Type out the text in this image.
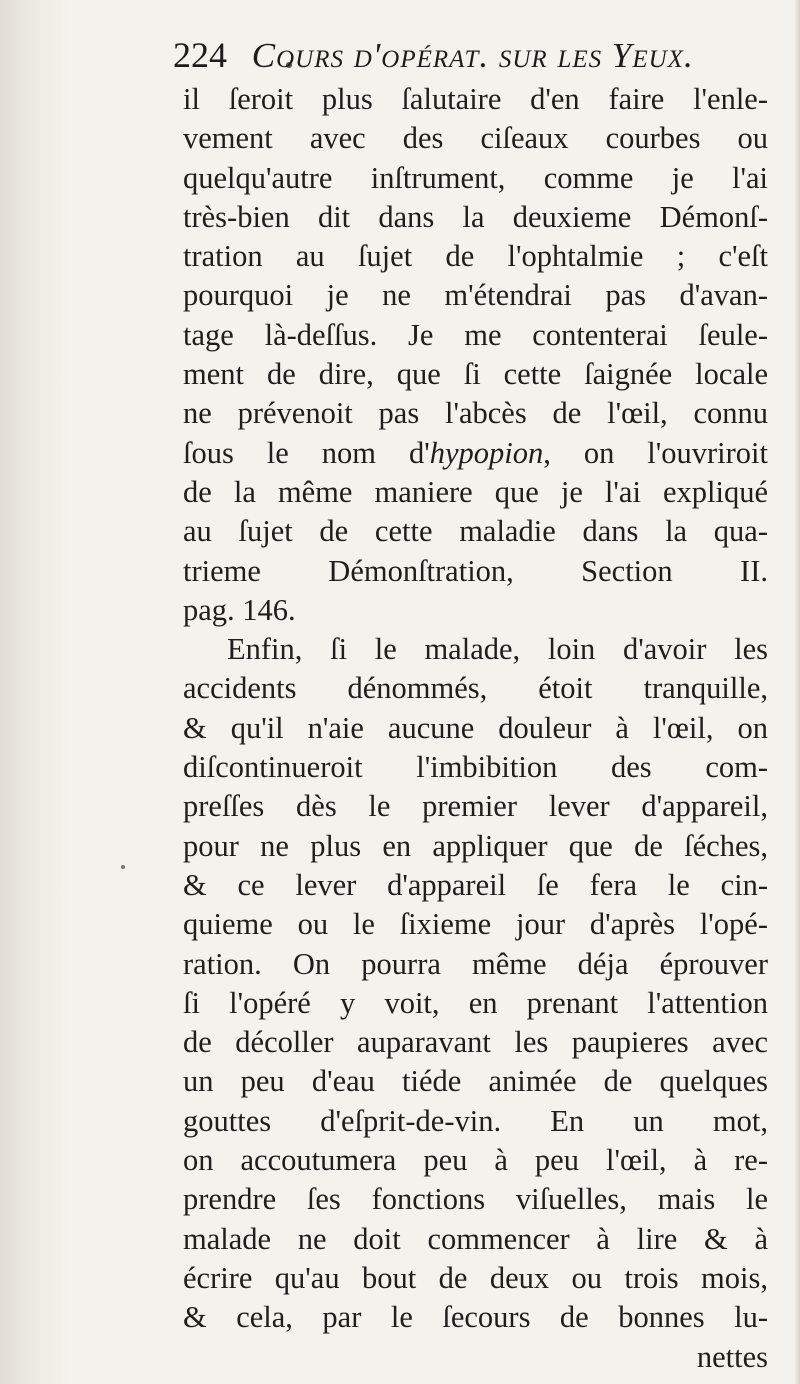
224 Cours d'opérat. sur les Yeux.
il ſeroit plus ſalutaire d'en faire l'enle-
vement avec des ciſeaux courbes ou
quelqu'autre inſtrument, comme je l'ai
très-bien dit dans la deuxieme Démonſ-
tration au ſujet de l'ophtalmie ; c'eſt
pourquoi je ne m'étendrai pas d'avan-
tage là-deſſus. Je me contenterai ſeule-
ment de dire, que ſi cette ſaignée locale
ne prévenoit pas l'abcès de l'œil, connu
ſous le nom d'hypopion, on l'ouvriroit
de la même maniere que je l'ai expliqué
au ſujet de cette maladie dans la qua-
trieme Démonſtration, Section II.
pag. 146.
Enfin, ſi le malade, loin d'avoir les
accidents dénommés, étoit tranquille,
& qu'il n'aie aucune douleur à l'œil, on
diſcontinueroit l'imbibition des com-
preſſes dès le premier lever d'appareil,
pour ne plus en appliquer que de ſéches,
& ce lever d'appareil ſe fera le cin-
quieme ou le ſixieme jour d'après l'opé-
ration. On pourra même déja éprouver
ſi l'opéré y voit, en prenant l'attention
de décoller auparavant les paupieres avec
un peu d'eau tiéde animée de quelques
gouttes d'eſprit-de-vin. En un mot,
on accoutumera peu à peu l'œil, à re-
prendre ſes fonctions viſuelles, mais le
malade ne doit commencer à lire & à
écrire qu'au bout de deux ou trois mois,
& cela, par le ſecours de bonnes lu-
nettes
